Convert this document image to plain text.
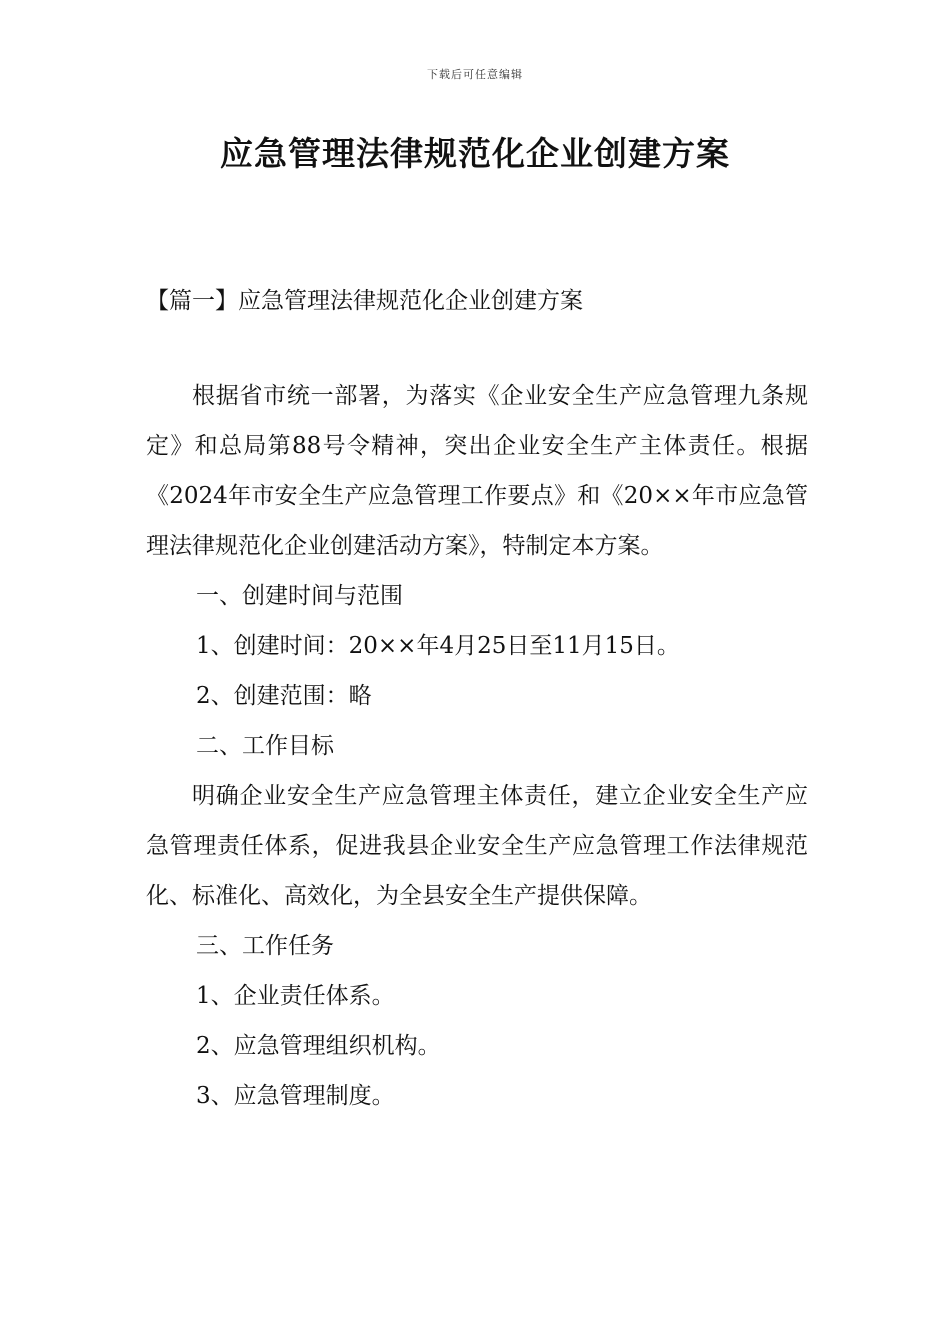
下载后可任意编辑
应急管理法律规范化企业创建方案
【篇一】应急管理法律规范化企业创建方案

根据省市统一部署，为落实《企业安全生产应急管理九条规定》和总局第88号令精神，突出企业安全生产主体责任。根据《2024年市安全生产应急管理工作要点》和《20××年市应急管理法律规范化企业创建活动方案》，特制定本方案。

一、创建时间与范围

1、创建时间：20××年4月25日至11月15日。

2、创建范围：略

二、工作目标

明确企业安全生产应急管理主体责任，建立企业安全生产应急管理责任体系，促进我县企业安全生产应急管理工作法律规范化、标准化、高效化，为全县安全生产提供保障。

三、工作任务

1、企业责任体系。

2、应急管理组织机构。

3、应急管理制度。
